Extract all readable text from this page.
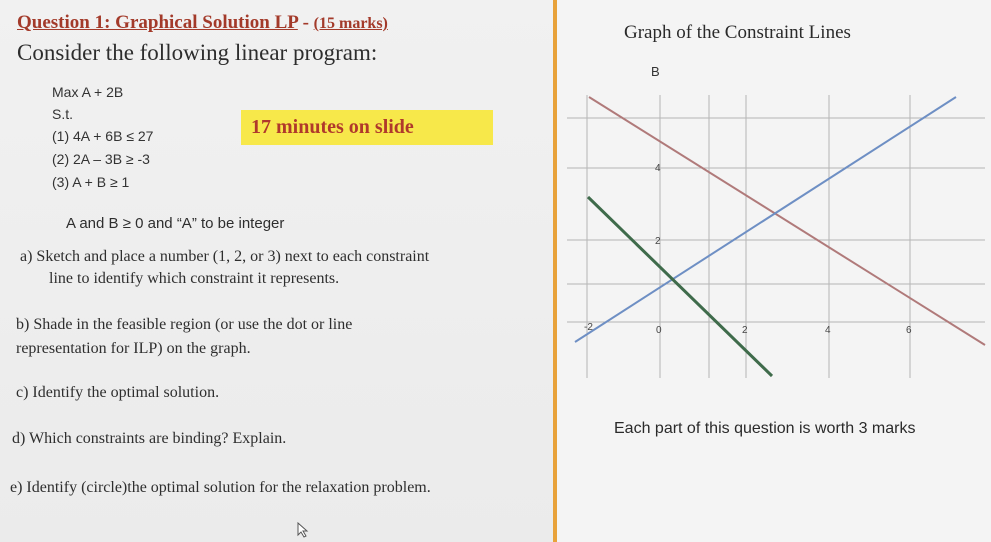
Question 1: Graphical Solution LP - (15 marks)
Consider the following linear program:
Max A + 2B
S.t.
(1) 4A + 6B ≤ 27
(2) 2A – 3B ≥ -3
(3) A + B ≥ 1
17 minutes on slide
A and B ≥ 0 and “A” to be integer
a) Sketch and place a number (1, 2, or 3) next to each constraint
line to identify which constraint it represents.
b) Shade in the feasible region (or use the dot or line
representation for ILP) on the graph.
c) Identify the optimal solution.
d) Which constraints are binding? Explain.
e) Identify (circle)the optimal solution for the relaxation problem.
Graph of the Constraint Lines
B
-2	0	2	4	6
4
2
Each part of this question is worth 3 marks
